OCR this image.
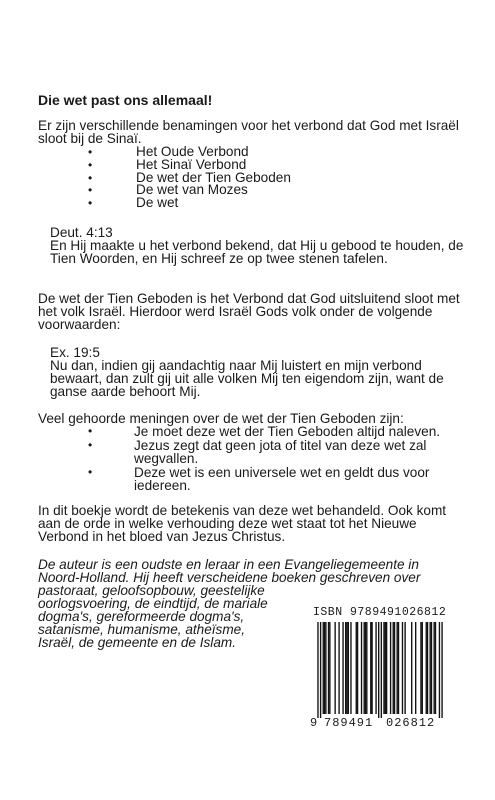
Die wet past ons allemaal!

Er zijn verschillende benamingen voor het verbond dat God met Israël sloot bij de Sinaï.

• Het Oude Verbond
• Het Sinaï Verbond
• De wet der Tien Geboden
• De wet van Mozes
• De wet

Deut. 4:13

En Hij maakte u het verbond bekend, dat Hij u gebood te houden, de Tien Woorden, en Hij schreef ze op twee stenen tafelen.

De wet der Tien Geboden is het Verbond dat God uitsluitend sloot met het volk Israël. Hierdoor werd Israël Gods volk onder de volgende voorwaarden:

Ex. 19:5

Nu dan, indien gij aandachtig naar Mij luistert en mijn verbond bewaart, dan zult gij uit alle volken Mij ten eigendom zijn, want de ganse aarde behoort Mij.

Veel gehoorde meningen over de wet der Tien Geboden zijn:

• Je moet deze wet der Tien Geboden altijd naleven.
• Jezus zegt dat geen jota of titel van deze wet zal wegvallen.
• Deze wet is een universele wet en geldt dus voor iedereen.

In dit boekje wordt de betekenis van deze wet behandeld. Ook komt aan de orde in welke verhouding deze wet staat tot het Nieuwe Verbond in het bloed van Jezus Christus.

De auteur is een oudste en leraar in een Evangeliegemeente in
Noord-Holland. Hij heeft verscheidene boeken geschreven over
pastoraat, geloofsopbouw, geestelijke
oorlogsvoering, de eindtijd, de mariale
dogma's, gereformeerde dogma's,
satanisme, humanisme, atheïsme,
Israël, de gemeente en de Islam.
ISBN 9789491026812
9 789491	026812
